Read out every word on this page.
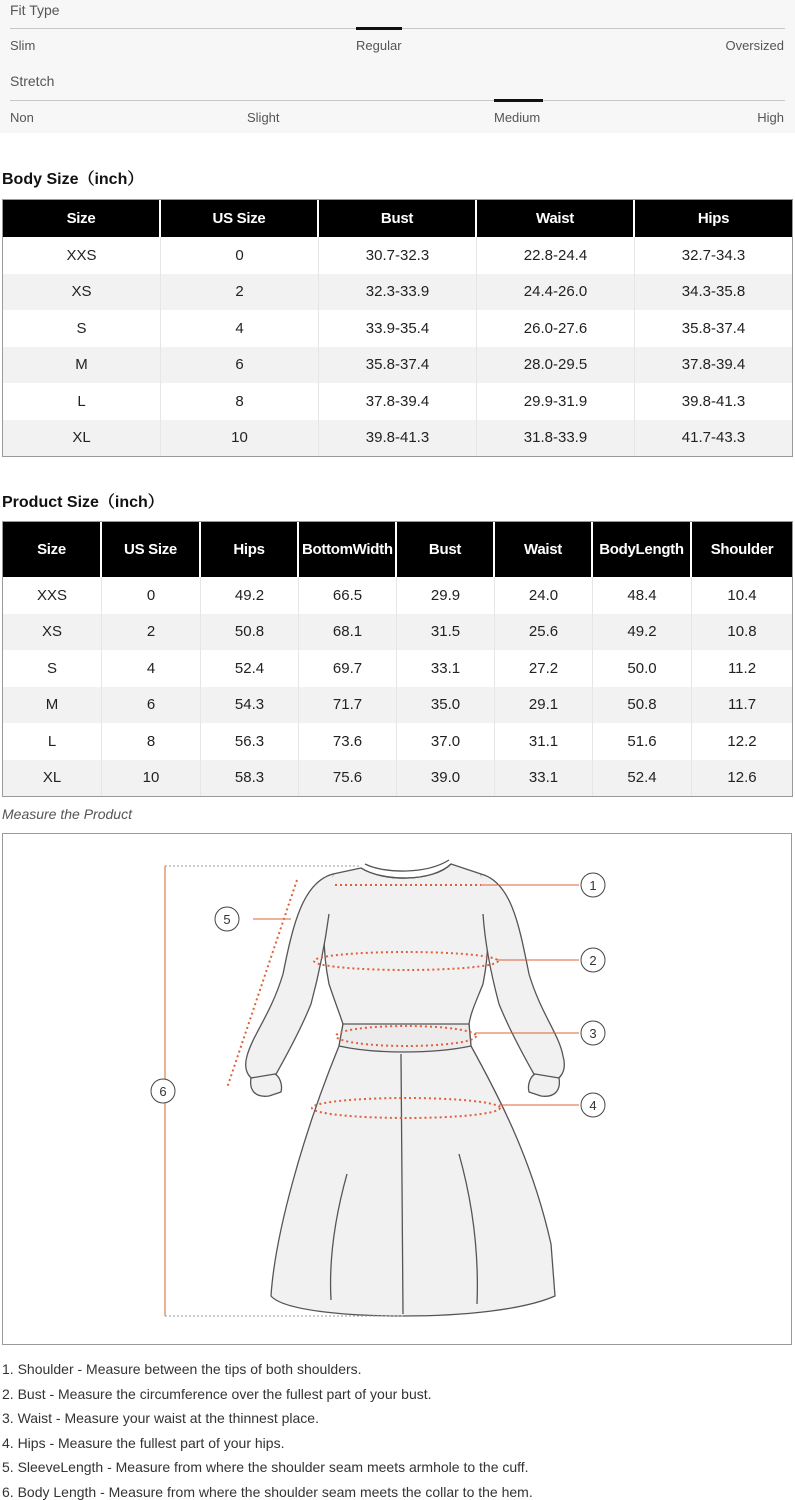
Fit Type
Slim	Regular	Oversized
Stretch
Non	Slight	Medium	High
Body Size（inch）
Size	US Size	Bust	Waist	Hips
XXS	0	30.7-32.3	22.8-24.4	32.7-34.3
XS	2	32.3-33.9	24.4-26.0	34.3-35.8
S	4	33.9-35.4	26.0-27.6	35.8-37.4
M	6	35.8-37.4	28.0-29.5	37.8-39.4
L	8	37.8-39.4	29.9-31.9	39.8-41.3
XL	10	39.8-41.3	31.8-33.9	41.7-43.3
Product Size（inch）
Size	US Size	Hips	BottomWidth	Bust	Waist	BodyLength	Shoulder
XXS	0	49.2	66.5	29.9	24.0	48.4	10.4
XS	2	50.8	68.1	31.5	25.6	49.2	10.8
S	4	52.4	69.7	33.1	27.2	50.0	11.2
M	6	54.3	71.7	35.0	29.1	50.8	11.7
L	8	56.3	73.6	37.0	31.1	51.6	12.2
XL	10	58.3	75.6	39.0	33.1	52.4	12.6
Measure the Product
1
2
3
4
5
6
1. Shoulder - Measure between the tips of both shoulders.
2. Bust - Measure the circumference over the fullest part of your bust.
3. Waist - Measure your waist at the thinnest place.
4. Hips - Measure the fullest part of your hips.
5. SleeveLength - Measure from where the shoulder seam meets armhole to the cuff.
6. Body Length - Measure from where the shoulder seam meets the collar to the hem.
